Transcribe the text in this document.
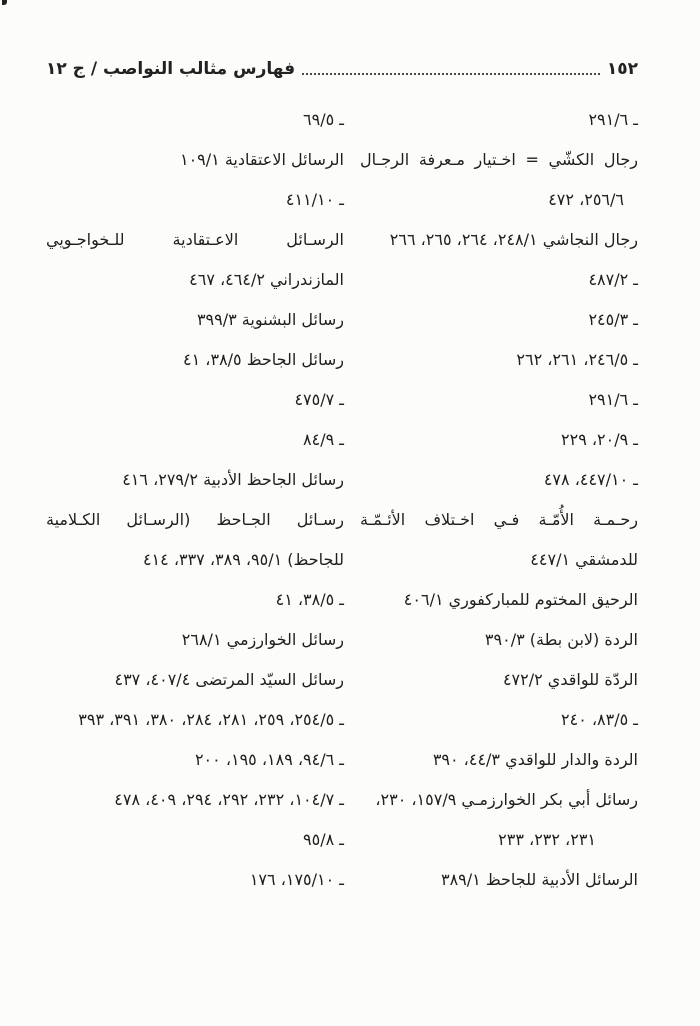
١٥٢
فهارس مثالب النواصب / ج ١٢
ـ ٢٩١/٦
رجال الكشّي = اخـتيار مـعرفة الرجـال
٢٥٦/٦، ٤٧٢
رجال النجاشي ٢٤٨/١، ٢٦٤، ٢٦٥، ٢٦٦
ـ ٤٨٧/٢
ـ ٢٤٥/٣
ـ ٢٤٦/٥، ٢٦١، ٢٦٢
ـ ٢٩١/٦
ـ ٢٠/٩، ٢٢٩
ـ ٤٤٧/١٠، ٤٧٨
رحـمـة الأُمّـة فـي اخـتلاف الأئـمّـة
للدمشقي ٤٤٧/١
الرحيق المختوم للمباركفوري ٤٠٦/١
الردة (لابن بطة) ٣٩٠/٣
الردّة للواقدي ٤٧٢/٢
ـ ٨٣/٥، ٢٤٠
الردة والدار للواقدي ٤٤/٣، ٣٩٠
رسائل أبي بكر الخوارزمـي ١٥٧/٩، ٢٣٠،
٢٣١، ٢٣٢، ٢٣٣
الرسائل الأدبية للجاحظ ٣٨٩/١
ـ ٦٩/٥
الرسائل الاعتقادية ١٠٩/١
ـ ٤١١/١٠
الرسـائل الاعـتقادية للـخواجـويي
المازندراني ٤٦٤/٢، ٤٦٧
رسائل البشنوية ٣٩٩/٣
رسائل الجاحظ ٣٨/٥، ٤١
ـ ٤٧٥/٧
ـ ٨٤/٩
رسائل الجاحظ الأدبية ٢٧٩/٢، ٤١٦
رسـائل الجـاحظ (الرسـائل الكـلامية
للجاحظ) ٩٥/١، ٣٨٩، ٣٣٧، ٤١٤
ـ ٣٨/٥، ٤١
رسائل الخوارزمي ٢٦٨/١
رسائل السيّد المرتضى ٤٠٧/٤، ٤٣٧
ـ ٢٥٤/٥، ٢٥٩، ٢٨١، ٢٨٤، ٣٨٠، ٣٩١، ٣٩٣
ـ ٩٤/٦، ١٨٩، ١٩٥، ٢٠٠
ـ ١٠٤/٧، ٢٣٢، ٢٩٢، ٢٩٤، ٤٠٩، ٤٧٨
ـ ٩٥/٨
ـ ١٧٥/١٠، ١٧٦
